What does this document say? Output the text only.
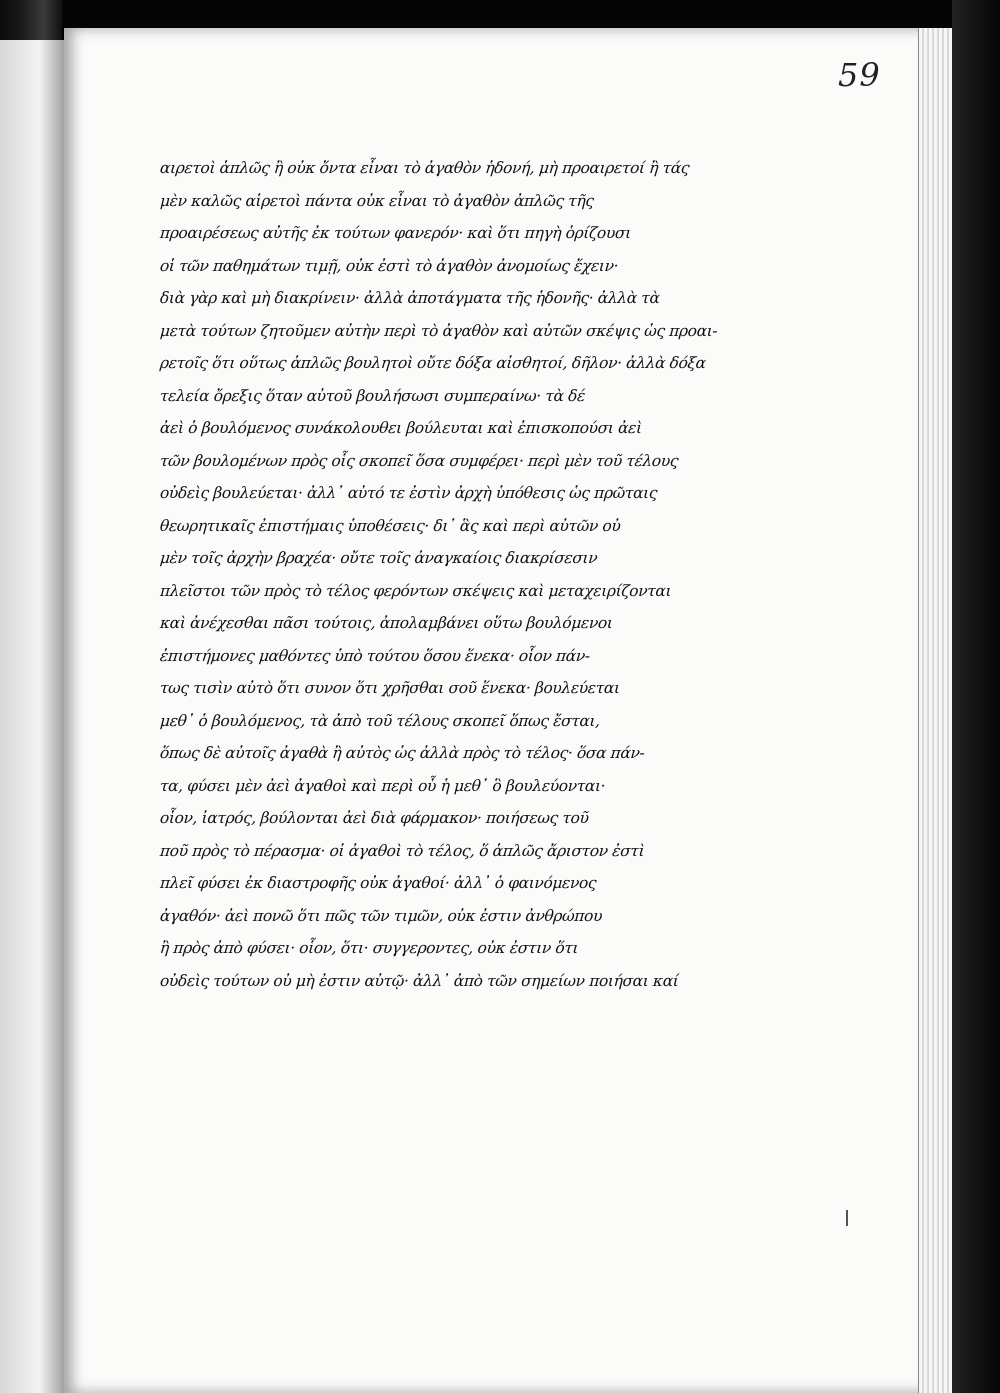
59
αιρετοὶ ἁπλῶς ἢ οὐκ ὄντα εἶναι τὸ ἀγαθὸν ἡδονή, μὴ προαιρετοί ἢ τάς
μὲν καλῶς αἱρετοὶ πάντα οὐκ εἶναι τὸ ἀγαθὸν ἀπλῶς τῆς
προαιρέσεως αὐτῆς ἐκ τούτων φανερόν· καὶ ὅτι πηγὴ ὁρίζουσι
οἱ τῶν παθημάτων τιμῇ, οὐκ ἐστὶ τὸ ἀγαθὸν ἀνομοίως ἔχειν·
διὰ γὰρ καὶ μὴ διακρίνειν· ἀλλὰ ἀποτάγματα τῆς ἡδονῆς· ἀλλὰ τὰ
μετὰ τούτων ζητοῦμεν αὐτὴν περὶ τὸ ἀγαθὸν καὶ αὐτῶν σκέψις ὡς προαι-
ρετοῖς ὅτι οὕτως ἁπλῶς βουλητοὶ οὔτε δόξα αἰσθητοί, δῆλον· ἀλλὰ δόξα
τελεία ὄρεξις ὅταν αὐτοῦ βουλήσωσι συμπεραίνω· τὰ δέ
ἀεὶ ὁ βουλόμενος συνάκολουθει βούλευται καὶ ἐπισκοπούσι ἀεὶ
τῶν βουλομένων πρὸς οἷς σκοπεῖ ὅσα συμφέρει· περὶ μὲν τοῦ τέλους
οὐδεὶς βουλεύεται· ἀλλ᾽ αὐτό τε ἐστὶν ἀρχὴ ὑπόθεσις ὡς πρῶταις
θεωρητικαῖς ἐπιστήμαις ὑποθέσεις· δι᾽ ἃς καὶ περὶ αὐτῶν οὐ
μὲν τοῖς ἀρχὴν βραχέα· οὔτε τοῖς ἀναγκαίοις διακρίσεσιν
πλεῖστοι τῶν πρὸς τὸ τέλος φερόντων σκέψεις καὶ μεταχειρίζονται
καὶ ἀνέχεσθαι πᾶσι τούτοις, ἀπολαμβάνει οὕτω βουλόμενοι
ἐπιστήμονες μαθόντες ὑπὸ τούτου ὅσου ἕνεκα· οἷον πάν-
τως τισὶν αὐτὸ ὅτι συνον ὅτι χρῆσθαι σοῦ ἕνεκα· βουλεύεται
μεθ᾽ ὁ βουλόμενος, τὰ ἀπὸ τοῦ τέλους σκοπεῖ ὅπως ἔσται,
ὅπως δὲ αὐτοῖς ἀγαθὰ ἢ αὐτὸς ὡς ἀλλὰ πρὸς τὸ τέλος· ὅσα πάν-
τα, φύσει μὲν ἀεὶ ἀγαθοὶ καὶ περὶ οὗ ἡ μεθ᾽ ὃ βουλεύονται·
οἷον, ἰατρός, βούλονται ἀεὶ διὰ φάρμακον· ποιήσεως τοῦ
ποῦ πρὸς τὸ πέρασμα· οἱ ἀγαθοὶ τὸ τέλος, ὅ ἁπλῶς ἄριστον ἐστὶ
πλεῖ φύσει ἐκ διαστροφῆς οὐκ ἀγαθοί· ἀλλ᾽ ὁ φαινόμενος
ἀγαθόν· ἀεὶ πονῶ ὅτι πῶς τῶν τιμῶν, οὐκ ἐστιν ἀνθρώπου
ἢ πρὸς ἀπὸ φύσει· οἷον, ὅτι· συγγεροντες, οὐκ ἐστιν ὅτι
οὐδεὶς τούτων οὐ μὴ ἐστιν αὐτῷ· ἀλλ᾽ ἀπὸ τῶν σημείων ποιήσαι καί
